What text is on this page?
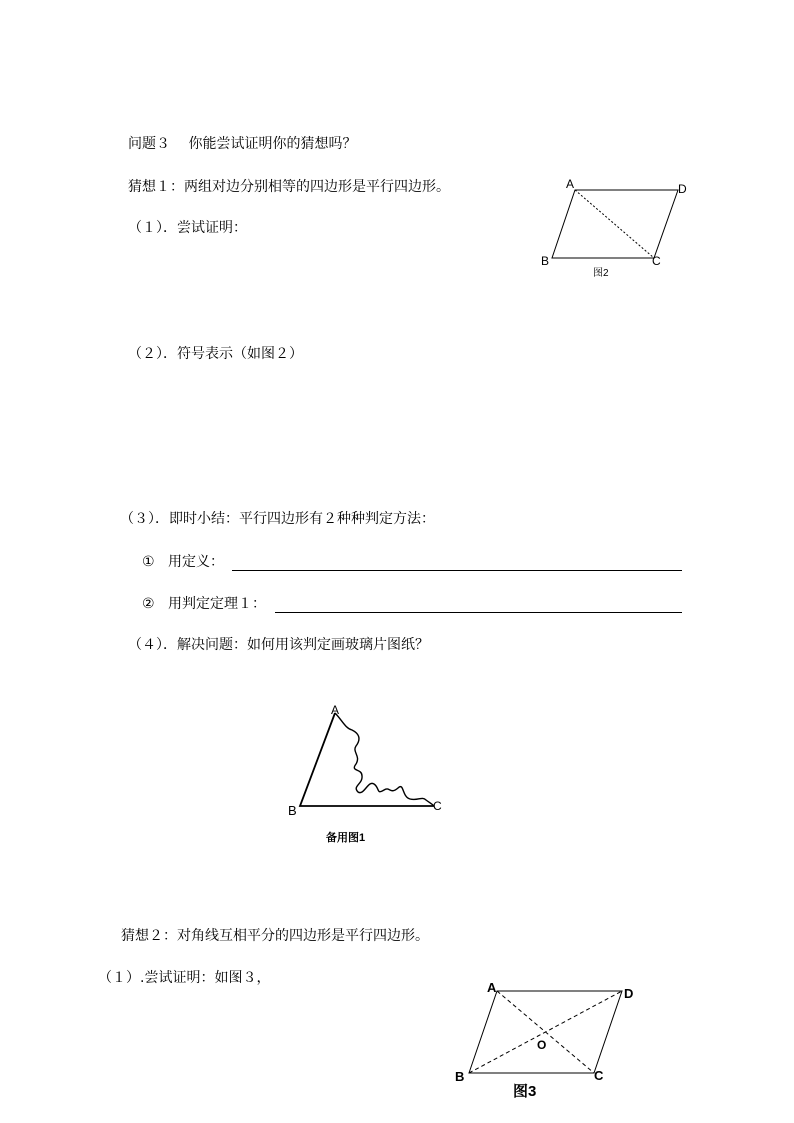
问题３　 你能尝试证明你的猜想吗？
猜想１：两组对边分别相等的四边形是平行四边形。
（１）．尝试证明：
A	D
B	C
图2
（２）．符号表示（如图２）
（３）．即时小结：平行四边形有２种种判定方法：
① 用定义：
② 用判定定理１：
（４）．解决问题：如何用该判定画玻璃片图纸？
A
B	C
备用图1
猜想２：对角线互相平分的四边形是平行四边形。
（１）.尝试证明：如图３，
A	D
O
B	C
图3
